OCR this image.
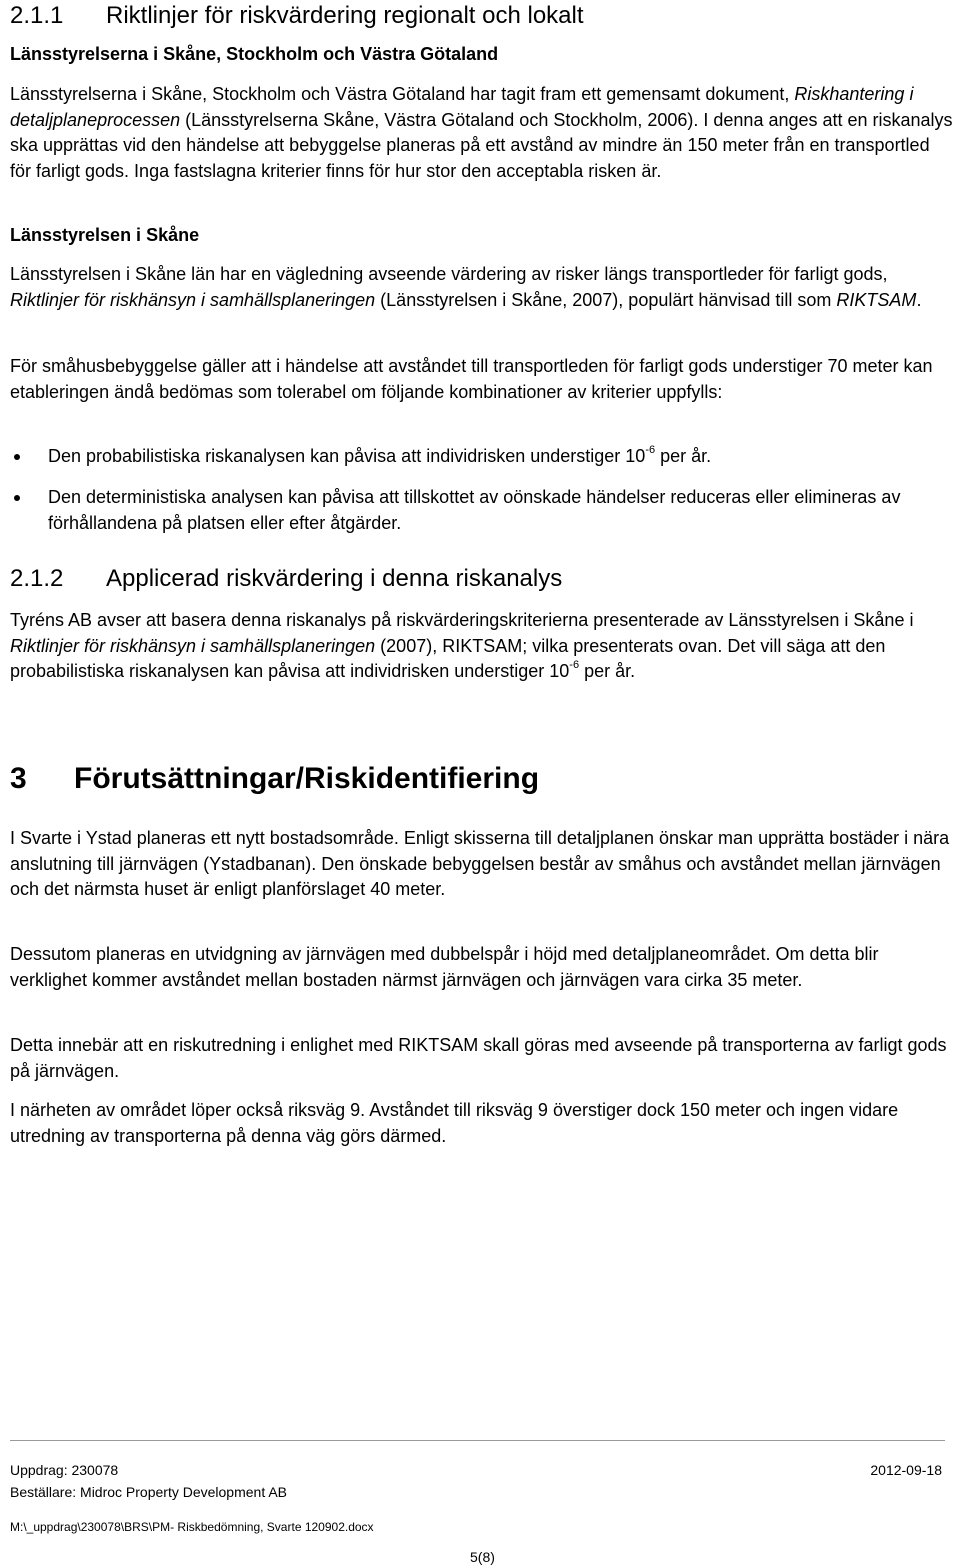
2.1.1 Riktlinjer för riskvärdering regionalt och lokalt
Länsstyrelserna i Skåne, Stockholm och Västra Götaland
Länsstyrelserna i Skåne, Stockholm och Västra Götaland har tagit fram ett gemensamt dokument, Riskhantering i detaljplaneprocessen (Länsstyrelserna Skåne, Västra Götaland och Stockholm, 2006). I denna anges att en riskanalys ska upprättas vid den händelse att bebyggelse planeras på ett avstånd av mindre än 150 meter från en transportled för farligt gods. Inga fastslagna kriterier finns för hur stor den acceptabla risken är.
Länsstyrelsen i Skåne
Länsstyrelsen i Skåne län har en vägledning avseende värdering av risker längs transportleder för farligt gods, Riktlinjer för riskhänsyn i samhällsplaneringen (Länsstyrelsen i Skåne, 2007), populärt hänvisad till som RIKTSAM.
För småhusbebyggelse gäller att i händelse att avståndet till transportleden för farligt gods understiger 70 meter kan etableringen ändå bedömas som tolerabel om följande kombinationer av kriterier uppfylls:
Den probabilistiska riskanalysen kan påvisa att individrisken understiger $10^{-6}$ per år.
Den deterministiska analysen kan påvisa att tillskottet av oönskade händelser reduceras eller elimineras av förhållandena på platsen eller efter åtgärder.
2.1.2 Applicerad riskvärdering i denna riskanalys
Tyréns AB avser att basera denna riskanalys på riskvärderingskriterierna presenterade av Länsstyrelsen i Skåne i Riktlinjer för riskhänsyn i samhällsplaneringen (2007), RIKTSAM; vilka presenterats ovan. Det vill säga att den probabilistiska riskanalysen kan påvisa att individrisken understiger $10^{-6}$ per år.
3 Förutsättningar/Riskidentifiering
I Svarte i Ystad planeras ett nytt bostadsområde. Enligt skisserna till detaljplanen önskar man upprätta bostäder i nära anslutning till järnvägen (Ystadbanan). Den önskade bebyggelsen består av småhus och avståndet mellan järnvägen och det närmsta huset är enligt planförslaget 40 meter.
Dessutom planeras en utvidgning av järnvägen med dubbelspår i höjd med detaljplaneområdet. Om detta blir verklighet kommer avståndet mellan bostaden närmst järnvägen och järnvägen vara cirka 35 meter.
Detta innebär att en riskutredning i enlighet med RIKTSAM skall göras med avseende på transporterna av farligt gods på järnvägen.
I närheten av området löper också riksväg 9. Avståndet till riksväg 9 överstiger dock 150 meter och ingen vidare utredning av transporterna på denna väg görs därmed.
Uppdrag: 230078	2012-09-18
Beställare: Midroc Property Development AB
M:\_uppdrag\230078\BRS\PM- Riskbedömning, Svarte 120902.docx
5(8)
